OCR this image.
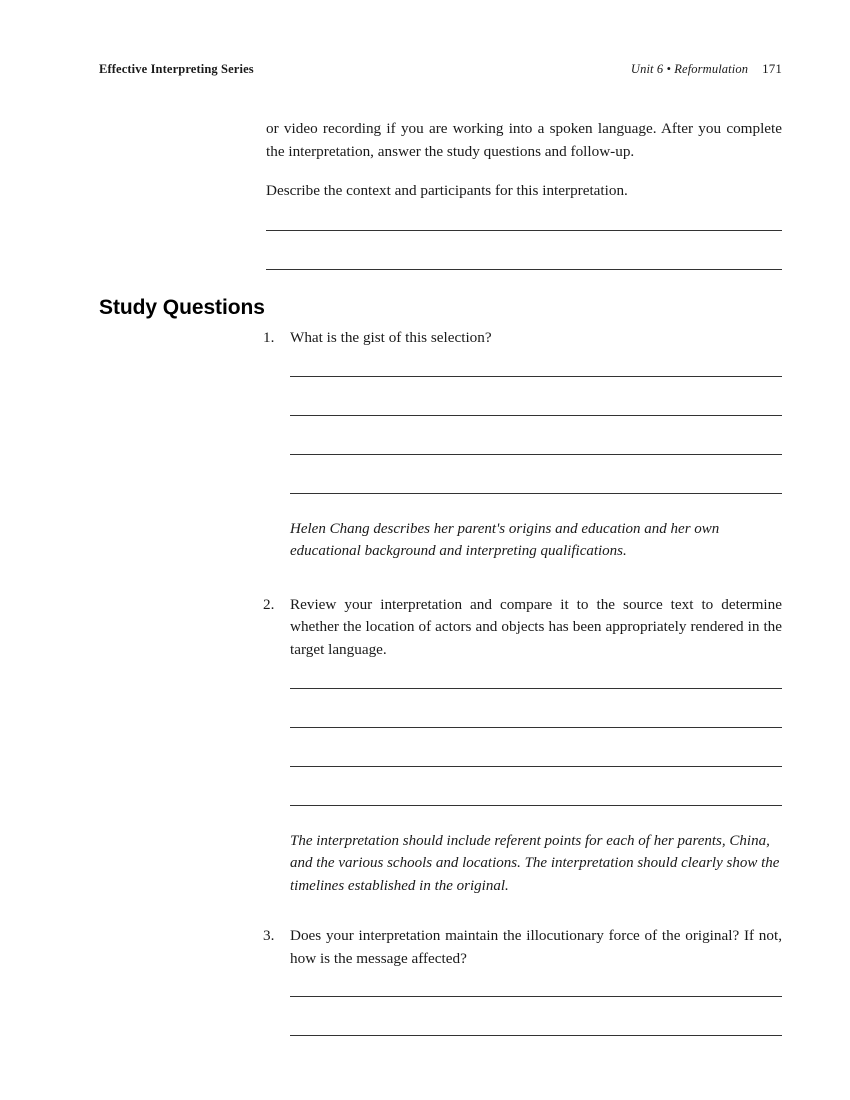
Effective Interpreting Series	Unit 6 • Reformulation 171

or video recording if you are working into a spoken language. After you complete the interpretation, answer the study questions and follow-up.

Describe the context and participants for this interpretation.

Study Questions
1.	What is the gist of this selection?

Helen Chang describes her parent's origins and education and her own educational background and interpreting qualifications.

2.	Review your interpretation and compare it to the source text to determine whether the location of actors and objects has been appropriately rendered in the target language.

The interpretation should include referent points for each of her parents, China, and the various schools and locations. The interpretation should clearly show the timelines established in the original.

3.	Does your interpretation maintain the illocutionary force of the original? If not, how is the message affected?
